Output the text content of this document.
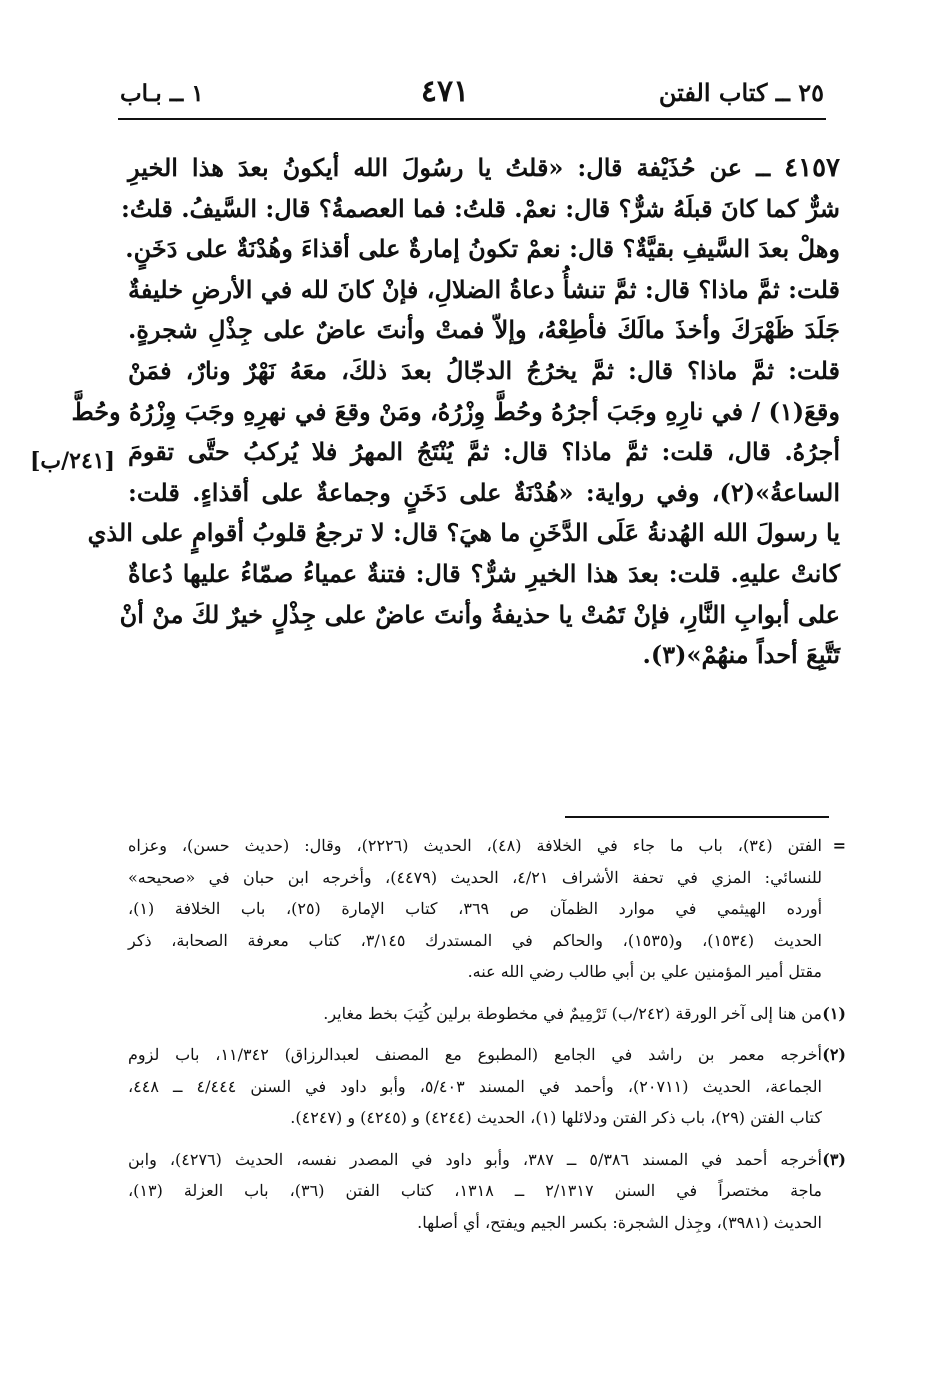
٢٥ ــ كتاب الفتن
٤٧١
١ ــ بـاب
٤١٥٧ ــ عن حُذَيْفة قال: «قلتُ يا رسُولَ الله أيكونُ بعدَ هذا الخيرِ
شرٌّ كما كانَ قبلَهُ شرٌّ؟ قال: نعمْ. قلتُ: فما العصمةُ؟ قال: السَّيفُ. قلتُ:
وهلْ بعدَ السَّيفِ بقيَّةٌ؟ قال: نعمْ تكونُ إمارةٌ على أقذاءَ وهُدْنَةٌ على دَخَنٍ.
قلت: ثمَّ ماذا؟ قال: ثمَّ تنشأُ دعاةُ الضلالِ، فإنْ كانَ لله في الأرضِ خليفةٌ
جَلَدَ ظَهْرَكَ وأخذَ مالَكَ فأطِعْهُ، وإلاّ فمتْ وأنتَ عاضٌ على جِذْلِ شجرةٍ.
قلت: ثمَّ ماذا؟ قال: ثمَّ يخرُجُ الدجّالُ بعدَ ذلكَ، معَهُ نَهْرٌ ونارٌ، فمَنْ
وقعَ(١) / في نارِهِ وجَبَ أجرُهُ وحُطَّ وِزْرُهُ، ومَنْ وقعَ في نهرِهِ وجَبَ وِزْرُهُ وحُطَّ
أجرُهُ. قال، قلت: ثمَّ ماذا؟ قال: ثمَّ يُنْتَجُ المهرُ فلا يُركبُ حتَّى تقومَ
الساعةُ»(٢)، وفي رواية: «هُدْنَةٌ على دَخَنٍ وجماعةٌ على أقذاءٍ. قلت:
يا رسولَ الله الهُدنةُ عَلَى الدَّخَنِ ما هيَ؟ قال: لا ترجعُ قلوبُ أقوامٍ على الذي
كانتْ عليهِ. قلت: بعدَ هذا الخيرِ شرٌّ؟ قال: فتنةٌ عمياءُ صمّاءُ عليها دُعاةٌ
على أبوابِ النَّارِ، فإنْ تَمُتْ يا حذيفةُ وأنتَ عاضٌ على جِذْلٍ خيرٌ لكَ منْ أنْ
تَتَّبِعَ أحداً منهُمْ»(٣).
[٢٤١/ب]
=
الفتن (٣٤)، باب ما جاء في الخلافة (٤٨)، الحديث (٢٢٢٦)، وقال: (حديث حسن)، وعزاه
للنسائي: المزي في تحفة الأشراف ٤/٢١، الحديث (٤٤٧٩)، وأخرجه ابن حبان في «صحيحه»
أورده الهيثمي في موارد الظمآن ص ٣٦٩، كتاب الإمارة (٢٥)، باب الخلافة (١)،
الحديث (١٥٣٤)، و(١٥٣٥)، والحاكم في المستدرك ٣/١٤٥، كتاب معرفة الصحابة، ذكر
مقتل أمير المؤمنين علي بن أبي طالب رضي الله عنه.
(١)
من هنا إلى آخر الورقة (٢٤٢/ب) تَرْمِيمٌ في مخطوطة برلين كُتِبَ بخط مغاير.
(٢)
أخرجه معمر بن راشد في الجامع (المطبوع مع المصنف لعبدالرزاق) ١١/٣٤٢، باب لزوم
الجماعة، الحديث (٢٠٧١١)، وأحمد في المسند ٥/٤٠٣، وأبو داود في السنن ٤/٤٤٤ ــ ٤٤٨،
كتاب الفتن (٢٩)، باب ذكر الفتن ودلائلها (١)، الحديث (٤٢٤٤) و (٤٢٤٥) و (٤٢٤٧).
(٣)
أخرجه أحمد في المسند ٥/٣٨٦ ــ ٣٨٧، وأبو داود في المصدر نفسه، الحديث (٤٢٧٦)، وابن
ماجة مختصراً في السنن ٢/١٣١٧ ــ ١٣١٨، كتاب الفتن (٣٦)، باب العزلة (١٣)،
الحديث (٣٩٨١)، وجِذل الشجرة: بكسر الجيم ويفتح، أي أصلها.
